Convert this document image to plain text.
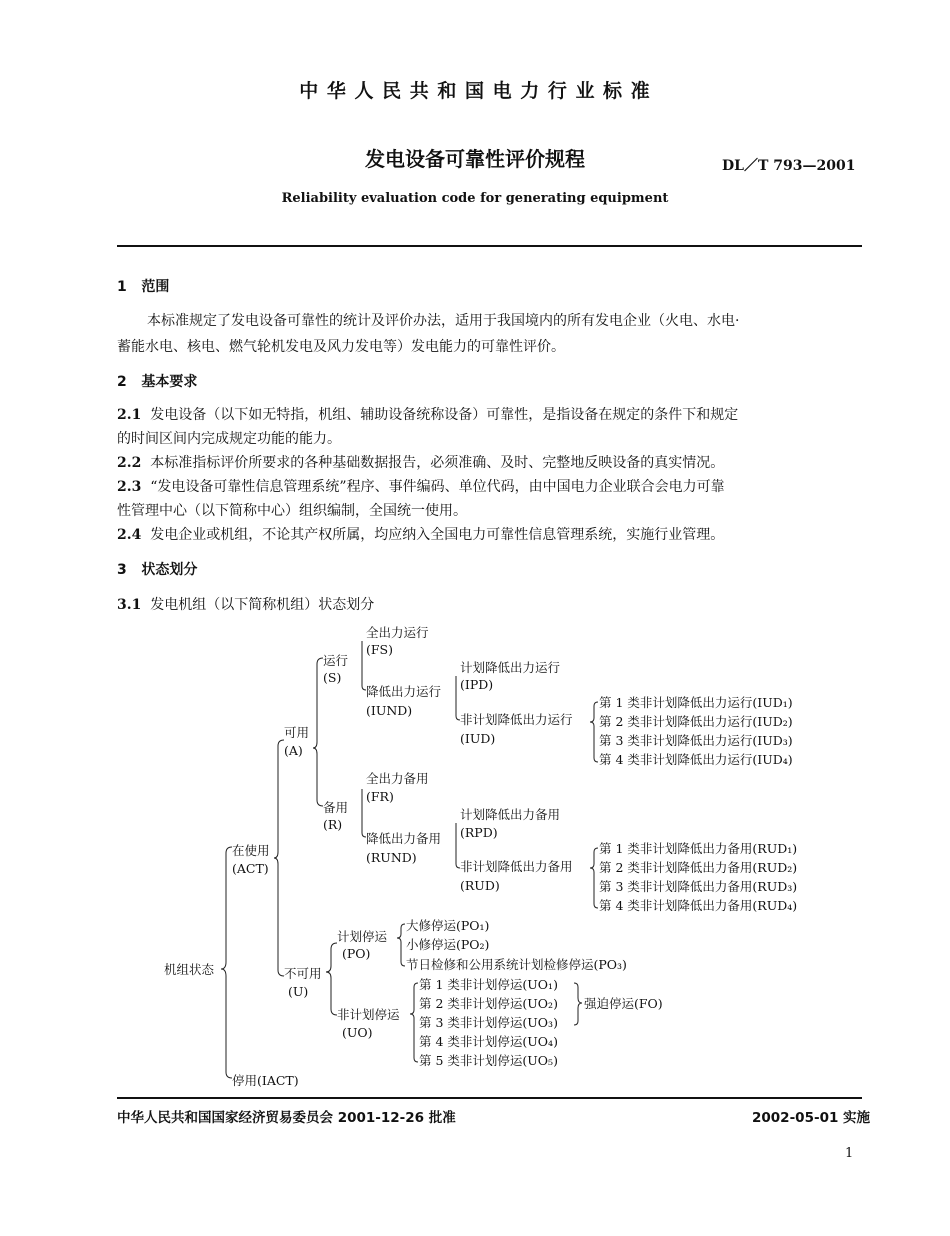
中 华 人 民 共 和 国 电 力 行 业 标 准
发电设备可靠性评价规程	DL／T 793—2001
Reliability evaluation code for generating equipment
1 范围
本标准规定了发电设备可靠性的统计及评价办法，适用于我国境内的所有发电企业（火电、水电·
蓄能水电、核电、燃气轮机发电及风力发电等）发电能力的可靠性评价。
2 基本要求
2.1 发电设备（以下如无特指，机组、辅助设备统称设备）可靠性，是指设备在规定的条件下和规定
的时间区间内完成规定功能的能力。
2.2 本标准指标评价所要求的各种基础数据报告，必须准确、及时、完整地反映设备的真实情况。
2.3 “发电设备可靠性信息管理系统”程序、事件编码、单位代码，由中国电力企业联合会电力可靠
性管理中心（以下简称中心）组织编制，全国统一使用。
2.4 发电企业或机组，不论其产权所属，均应纳入全国电力可靠性信息管理系统，实施行业管理。
3 状态划分
3.1 发电机组（以下简称机组）状态划分
机组状态
在使用
(ACT)
可用
(A)
运行
(S)
全出力运行
(FS)
降低出力运行
(IUND)
计划降低出力运行
(IPD)
非计划降低出力运行
(IUD)
第 1 类非计划降低出力运行(IUD₁)
第 2 类非计划降低出力运行(IUD₂)
第 3 类非计划降低出力运行(IUD₃)
第 4 类非计划降低出力运行(IUD₄)
备用
(R)
全出力备用
(FR)
降低出力备用
(RUND)
计划降低出力备用
(RPD)
非计划降低出力备用
(RUD)
第 1 类非计划降低出力备用(RUD₁)
第 2 类非计划降低出力备用(RUD₂)
第 3 类非计划降低出力备用(RUD₃)
第 4 类非计划降低出力备用(RUD₄)
不可用
(U)
计划停运
(PO)
大修停运(PO₁)
小修停运(PO₂)
节日检修和公用系统计划检修停运(PO₃)
非计划停运
(UO)
第 1 类非计划停运(UO₁)
第 2 类非计划停运(UO₂)
第 3 类非计划停运(UO₃)
第 4 类非计划停运(UO₄)
第 5 类非计划停运(UO₅)
强迫停运(FO)
停用(IACT)
中华人民共和国国家经济贸易委员会 2001-12-26 批准	2002-05-01 实施
1
